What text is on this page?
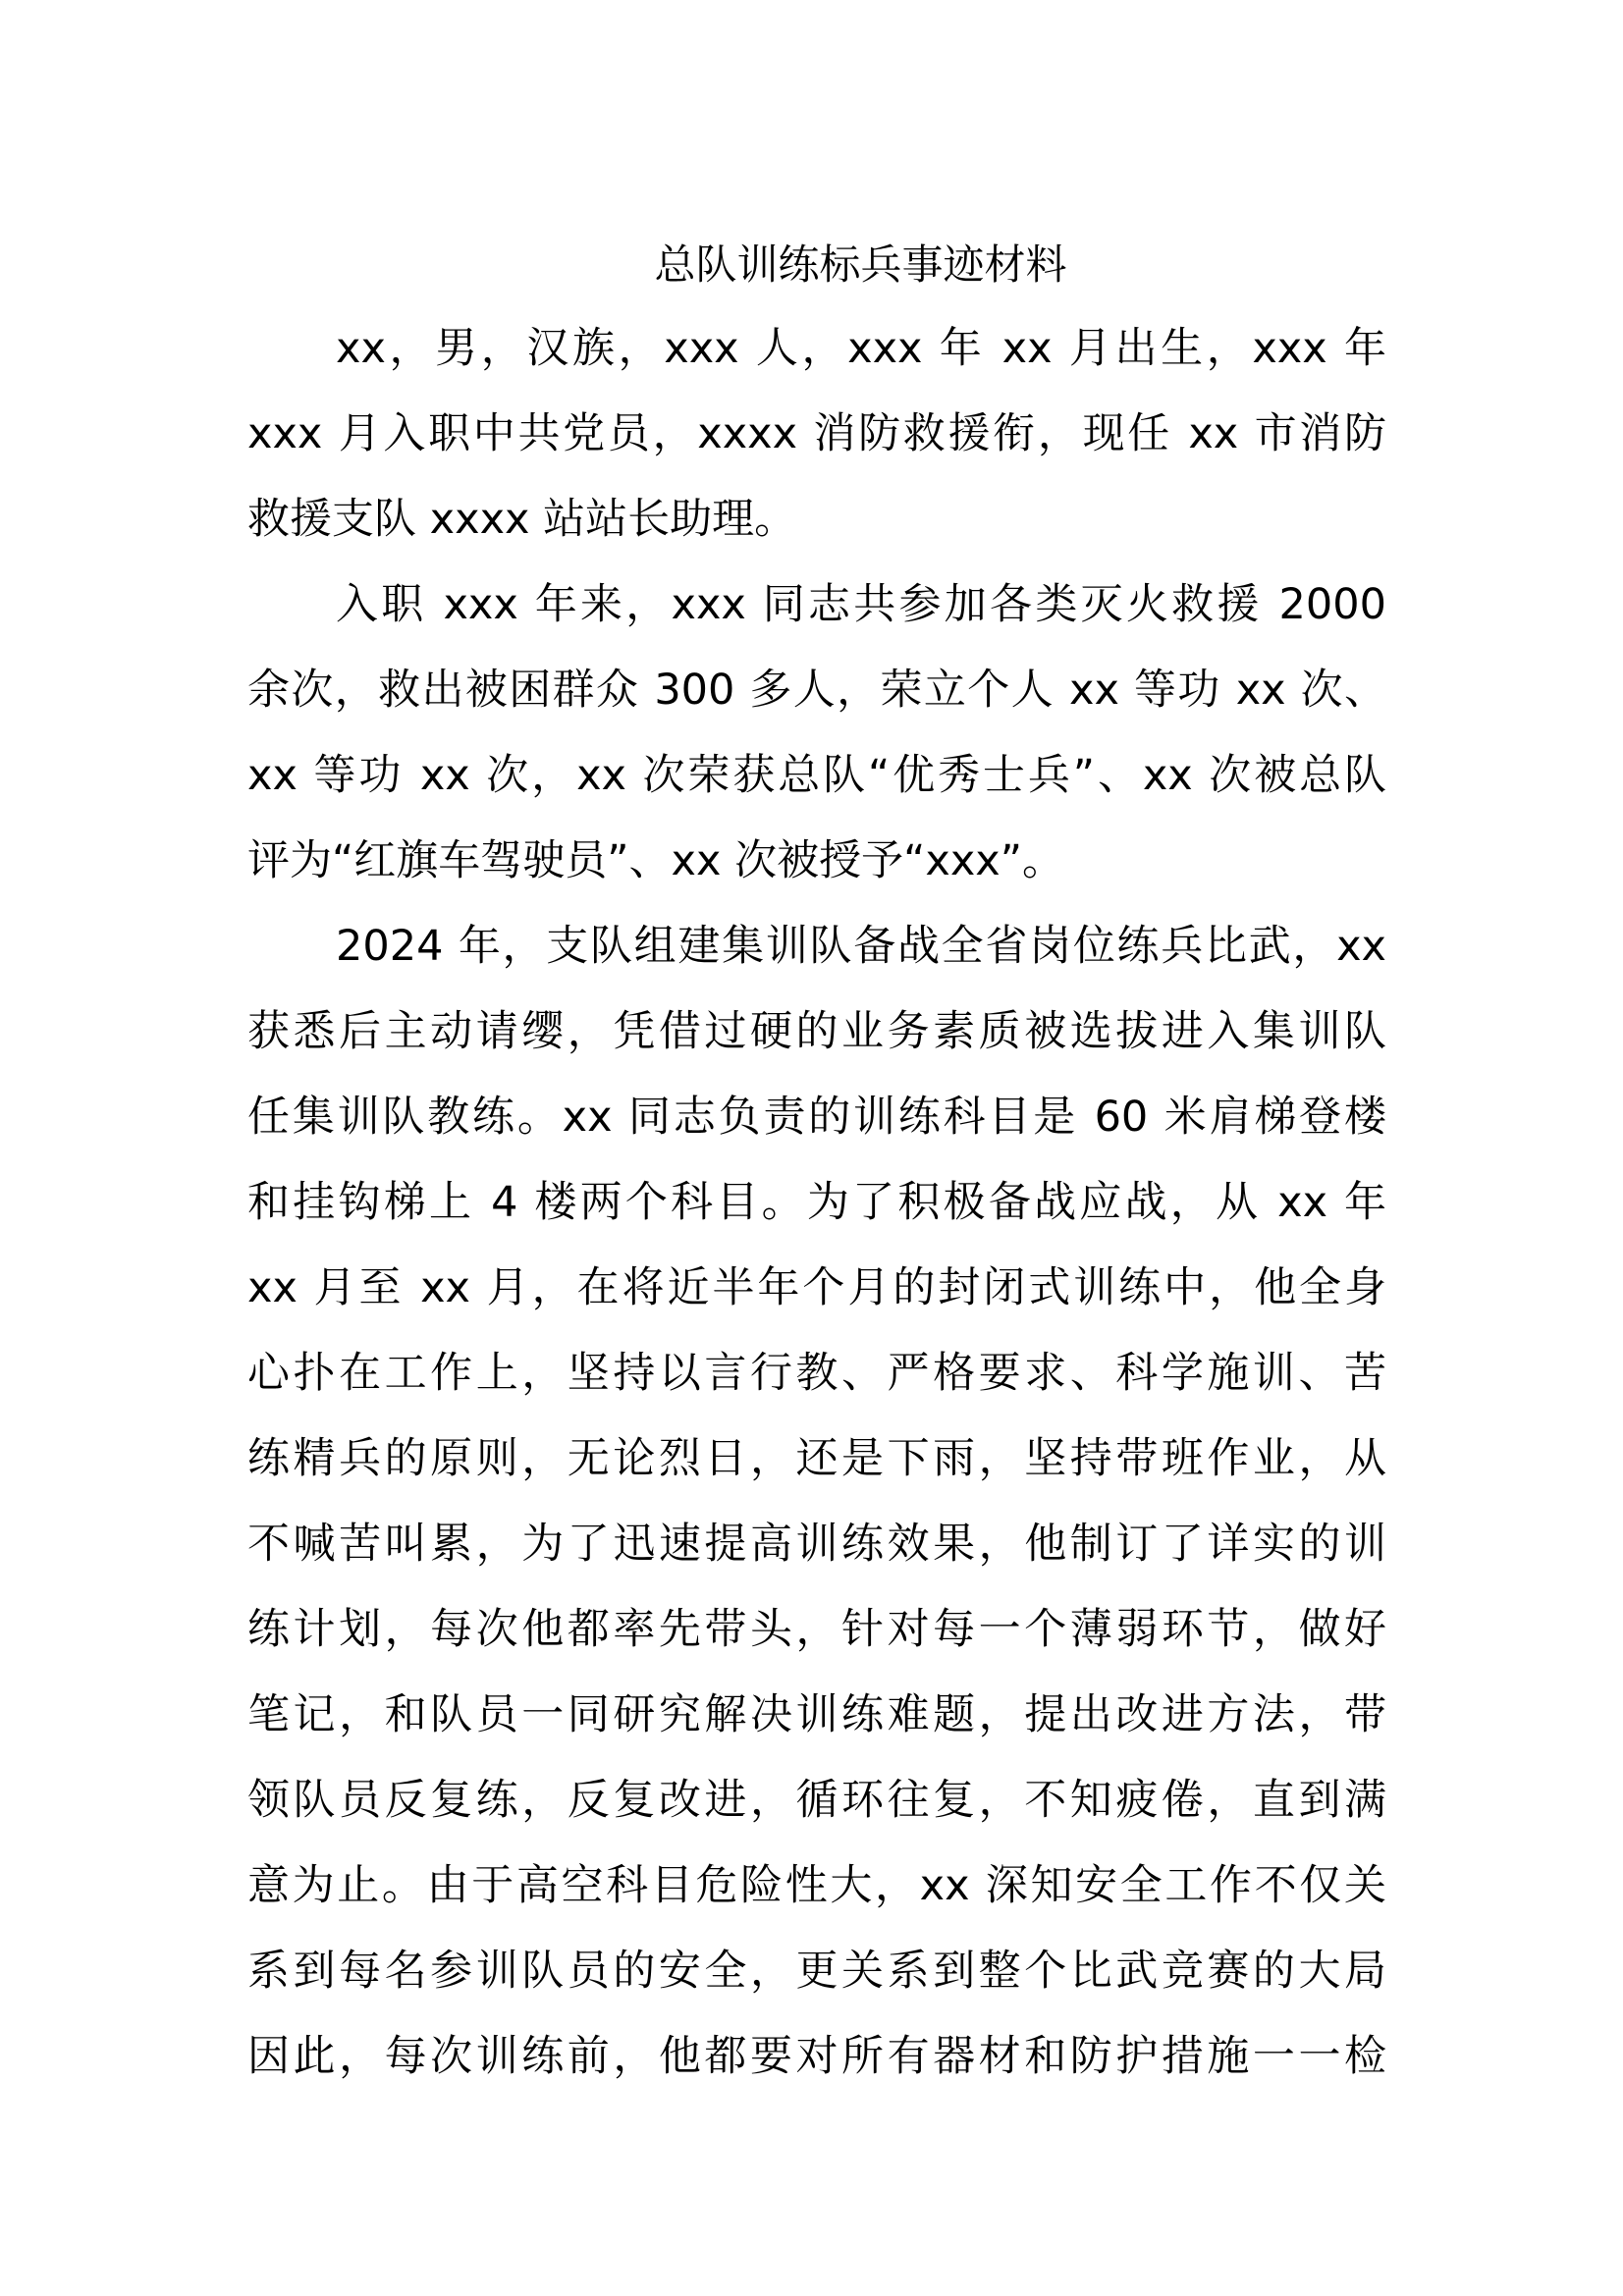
总队训练标兵事迹材料
xx，男，汉族，xxx 人，xxx 年 xx 月出生，xxx 年
xxx 月入职中共党员，xxxx 消防救援衔，现任 xx 市消防
救援支队 xxxx 站站长助理。
入职 xxx 年来，xxx 同志共参加各类灭火救援 2000
余次，救出被困群众 300 多人，荣立个人 xx 等功 xx 次、
xx 等功 xx 次，xx 次荣获总队“优秀士兵”、xx 次被总队
评为“红旗车驾驶员”、xx 次被授予“xxx”。
2024 年，支队组建集训队备战全省岗位练兵比武，xx
获悉后主动请缨，凭借过硬的业务素质被选拔进入集训队
任集训队教练。xx 同志负责的训练科目是 60 米肩梯登楼
和挂钩梯上 4 楼两个科目。为了积极备战应战，从 xx 年
xx 月至 xx 月，在将近半年个月的封闭式训练中，他全身
心扑在工作上，坚持以言行教、严格要求、科学施训、苦
练精兵的原则，无论烈日，还是下雨，坚持带班作业，从
不喊苦叫累，为了迅速提高训练效果，他制订了详实的训
练计划，每次他都率先带头，针对每一个薄弱环节，做好
笔记，和队员一同研究解决训练难题，提出改进方法，带
领队员反复练，反复改进，循环往复，不知疲倦，直到满
意为止。由于高空科目危险性大，xx 深知安全工作不仅关
系到每名参训队员的安全，更关系到整个比武竞赛的大局
因此，每次训练前，他都要对所有器材和防护措施一一检
